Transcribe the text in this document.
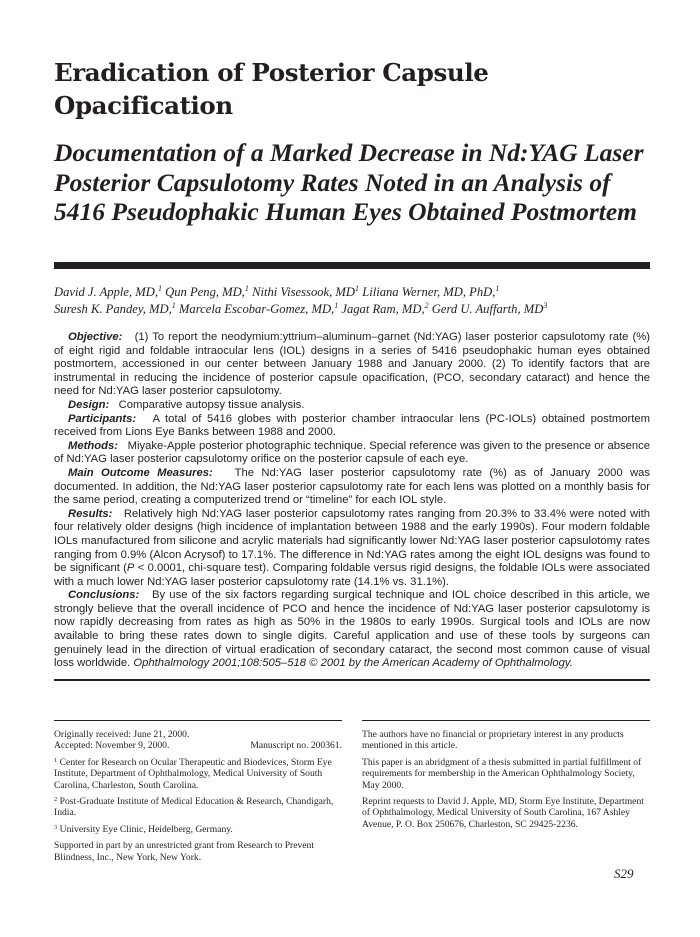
Eradication of Posterior Capsule Opacification
Documentation of a Marked Decrease in Nd:YAG Laser Posterior Capsulotomy Rates Noted in an Analysis of 5416 Pseudophakic Human Eyes Obtained Postmortem
David J. Apple, MD,$^1$ Qun Peng, MD,$^1$ Nithi Visessook, $MD^1$ Liliana Werner, MD, PhD,$^1$
Suresh K. Pandey, MD,$^1$ Marcela Escobar-Gomez, MD,$^1$ Jagat Ram, MD,$^2$ Gerd U. Auffarth, $MD^3$

Objective: (1) To report the neodymium:yttrium–aluminum–garnet (Nd:YAG) laser posterior capsulotomy rate (%) of eight rigid and foldable intraocular lens (IOL) designs in a series of 5416 pseudophakic human eyes obtained postmortem, accessioned in our center between January 1988 and January 2000. (2) To identify factors that are instrumental in reducing the incidence of posterior capsule opacification, (PCO, secondary cataract) and hence the need for Nd:YAG laser posterior capsulotomy.

Design: Comparative autopsy tissue analysis.

Participants: A total of 5416 globes with posterior chamber intraocular lens (PC-IOLs) obtained postmortem received from Lions Eye Banks between 1988 and 2000.

Methods: Miyake-Apple posterior photographic technique. Special reference was given to the presence or absence of Nd:YAG laser posterior capsulotomy orifice on the posterior capsule of each eye.

Main Outcome Measures: The Nd:YAG laser posterior capsulotomy rate (%) as of January 2000 was documented. In addition, the Nd:YAG laser posterior capsulotomy rate for each lens was plotted on a monthly basis for the same period, creating a computerized trend or “timeline” for each IOL style.

Results: Relatively high Nd:YAG laser posterior capsulotomy rates ranging from 20.3% to 33.4% were noted with four relatively older designs (high incidence of implantation between 1988 and the early 1990s). Four modern foldable IOLs manufactured from silicone and acrylic materials had significantly lower Nd:YAG laser posterior capsulotomy rates ranging from 0.9% (Alcon Acrysof) to 17.1%. The difference in Nd:YAG rates among the eight IOL designs was found to be significant (P < 0.0001, chi-square test). Comparing foldable versus rigid designs, the foldable IOLs were associated with a much lower Nd:YAG laser posterior capsulotomy rate (14.1% vs. 31.1%).

Conclusions: By use of the six factors regarding surgical technique and IOL choice described in this article, we strongly believe that the overall incidence of PCO and hence the incidence of Nd:YAG laser posterior capsulotomy is now rapidly decreasing from rates as high as 50% in the 1980s to early 1990s. Surgical tools and IOLs are now available to bring these rates down to single digits. Careful application and use of these tools by surgeons can genuinely lead in the direction of virtual eradication of secondary cataract, the second most common cause of visual loss worldwide. Ophthalmology 2001;108:505–518 © 2001 by the American Academy of Ophthalmology.

Originally received: June 21, 2000.

Accepted: November 9, 2000.	Manuscript no. 200361.

$^1$ Center for Research on Ocular Therapeutic and Biodevices, Storm Eye Institute, Department of Ophthalmology, Medical University of South Carolina, Charleston, South Carolina.

$^2$ Post-Graduate Institute of Medical Education & Research, Chandigarh, India.

$^3$ University Eye Clinic, Heidelberg, Germany.

Supported in part by an unrestricted grant from Research to Prevent Blindness, Inc., New York, New York.

The authors have no financial or proprietary interest in any products mentioned in this article.

This paper is an abridgment of a thesis submitted in partial fulfillment of requirements for membership in the American Ophthalmology Society, May 2000.

Reprint requests to David J. Apple, MD, Storm Eye Institute, Department of Ophthalmology, Medical University of South Carolina, 167 Ashley Avenue, P. O. Box 250676, Charleston, SC 29425-2236.

S29
